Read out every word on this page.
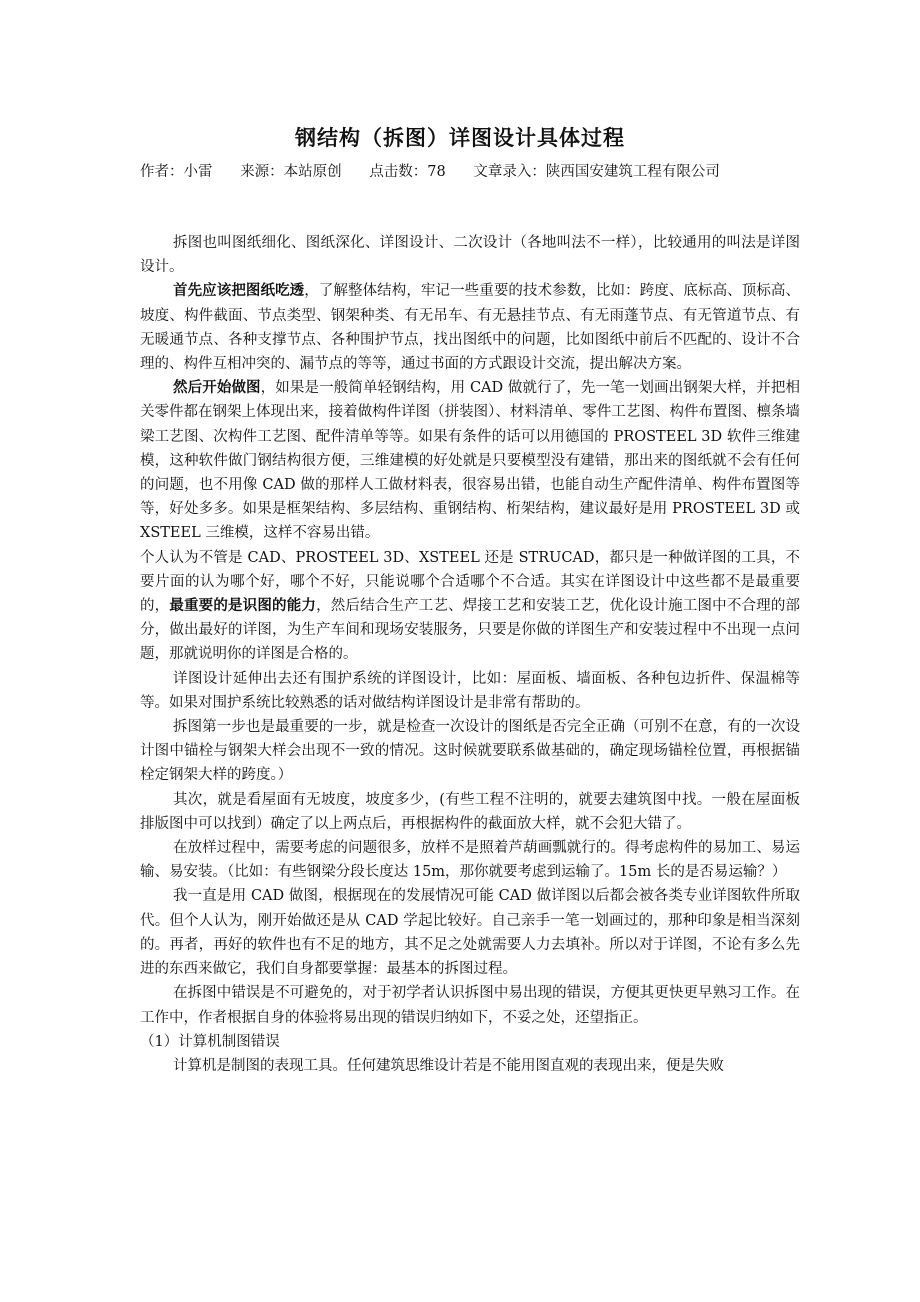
钢结构（拆图）详图设计具体过程
作者：小雷 来源：本站原创 点击数：78 文章录入：陕西国安建筑工程有限公司

拆图也叫图纸细化、图纸深化、详图设计、二次设计（各地叫法不一样），比较通用的叫法是详图设计。

首先应该把图纸吃透，了解整体结构，牢记一些重要的技术参数，比如：跨度、底标高、顶标高、坡度、构件截面、节点类型、钢架种类、有无吊车、有无悬挂节点、有无雨蓬节点、有无管道节点、有无暖通节点、各种支撑节点、各种围护节点，找出图纸中的问题，比如图纸中前后不匹配的、设计不合理的、构件互相冲突的、漏节点的等等，通过书面的方式跟设计交流，提出解决方案。

然后开始做图，如果是一般简单轻钢结构，用 CAD 做就行了，先一笔一划画出钢架大样，并把相关零件都在钢架上体现出来，接着做构件详图（拼装图）、材料清单、零件工艺图、构件布置图、檩条墙梁工艺图、次构件工艺图、配件清单等等。如果有条件的话可以用德国的 PROSTEEL 3D 软件三维建模，这种软件做门钢结构很方便，三维建模的好处就是只要模型没有建错，那出来的图纸就不会有任何的问题，也不用像 CAD 做的那样人工做材料表，很容易出错，也能自动生产配件清单、构件布置图等等，好处多多。如果是框架结构、多层结构、重钢结构、桁架结构，建议最好是用 PROSTEEL 3D 或 XSTEEL 三维模，这样不容易出错。

个人认为不管是 CAD、PROSTEEL 3D、XSTEEL 还是 STRUCAD，都只是一种做详图的工具，不要片面的认为哪个好，哪个不好，只能说哪个合适哪个不合适。其实在详图设计中这些都不是最重要的，最重要的是识图的能力，然后结合生产工艺、焊接工艺和安装工艺，优化设计施工图中不合理的部分，做出最好的详图，为生产车间和现场安装服务，只要是你做的详图生产和安装过程中不出现一点问题，那就说明你的详图是合格的。

详图设计延伸出去还有围护系统的详图设计，比如：屋面板、墙面板、各种包边折件、保温棉等等。如果对围护系统比较熟悉的话对做结构详图设计是非常有帮助的。

拆图第一步也是最重要的一步，就是检查一次设计的图纸是否完全正确（可别不在意，有的一次设计图中锚栓与钢架大样会出现不一致的情况。这时候就要联系做基础的，确定现场锚栓位置，再根据锚栓定钢架大样的跨度。）

其次，就是看屋面有无坡度，坡度多少，(有些工程不注明的，就要去建筑图中找。一般在屋面板排版图中可以找到）确定了以上两点后，再根据构件的截面放大样，就不会犯大错了。

在放样过程中，需要考虑的问题很多，放样不是照着芦葫画瓢就行的。得考虑构件的易加工、易运输、易安装。（比如：有些钢梁分段长度达 15m，那你就要考虑到运输了。15m 长的是否易运输？）

我一直是用 CAD 做图，根据现在的发展情况可能 CAD 做详图以后都会被各类专业详图软件所取代。但个人认为，刚开始做还是从 CAD 学起比较好。自己亲手一笔一划画过的，那种印象是相当深刻的。再者，再好的软件也有不足的地方，其不足之处就需要人力去填补。所以对于详图，不论有多么先进的东西来做它，我们自身都要掌握：最基本的拆图过程。

在拆图中错误是不可避免的，对于初学者认识拆图中易出现的错误，方便其更快更早熟习工作。在工作中，作者根据自身的体验将易出现的错误归纳如下，不妥之处，还望指正。

（1）计算机制图错误

计算机是制图的表现工具。任何建筑思维设计若是不能用图直观的表现出来，便是失败
